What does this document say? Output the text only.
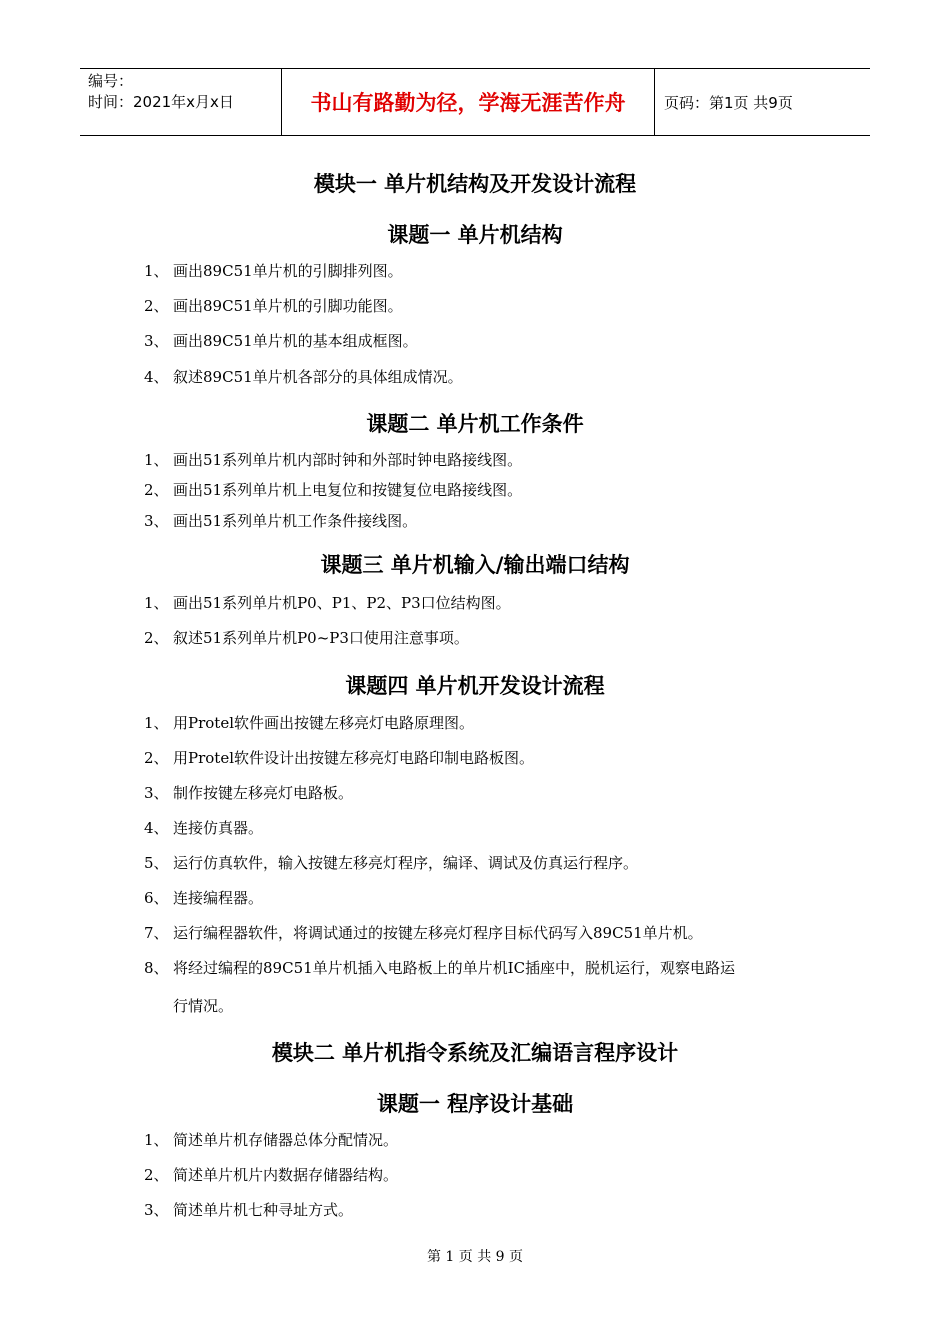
编号：
时间：2021年x月x日	书山有路勤为径，学海无涯苦作舟	页码：第1页 共9页
模块一 单片机结构及开发设计流程
课题一 单片机结构
1、 画出89C51单片机的引脚排列图。
2、 画出89C51单片机的引脚功能图。
3、 画出89C51单片机的基本组成框图。
4、 叙述89C51单片机各部分的具体组成情况。
课题二 单片机工作条件
1、 画出51系列单片机内部时钟和外部时钟电路接线图。
2、 画出51系列单片机上电复位和按键复位电路接线图。
3、 画出51系列单片机工作条件接线图。
课题三 单片机输入/输出端口结构
1、 画出51系列单片机P0、P1、P2、P3口位结构图。
2、 叙述51系列单片机P0~P3口使用注意事项。
课题四 单片机开发设计流程
1、 用Protel软件画出按键左移亮灯电路原理图。
2、 用Protel软件设计出按键左移亮灯电路印制电路板图。
3、 制作按键左移亮灯电路板。
4、 连接仿真器。
5、 运行仿真软件，输入按键左移亮灯程序，编译、调试及仿真运行程序。
6、 连接编程器。
7、 运行编程器软件，将调试通过的按键左移亮灯程序目标代码写入89C51单片机。
8、 将经过编程的89C51单片机插入电路板上的单片机IC插座中，脱机运行，观察电路运
行情况。
模块二 单片机指令系统及汇编语言程序设计
课题一 程序设计基础
1、 简述单片机存储器总体分配情况。
2、 简述单片机片内数据存储器结构。
3、 简述单片机七种寻址方式。
第 1 页 共 9 页
